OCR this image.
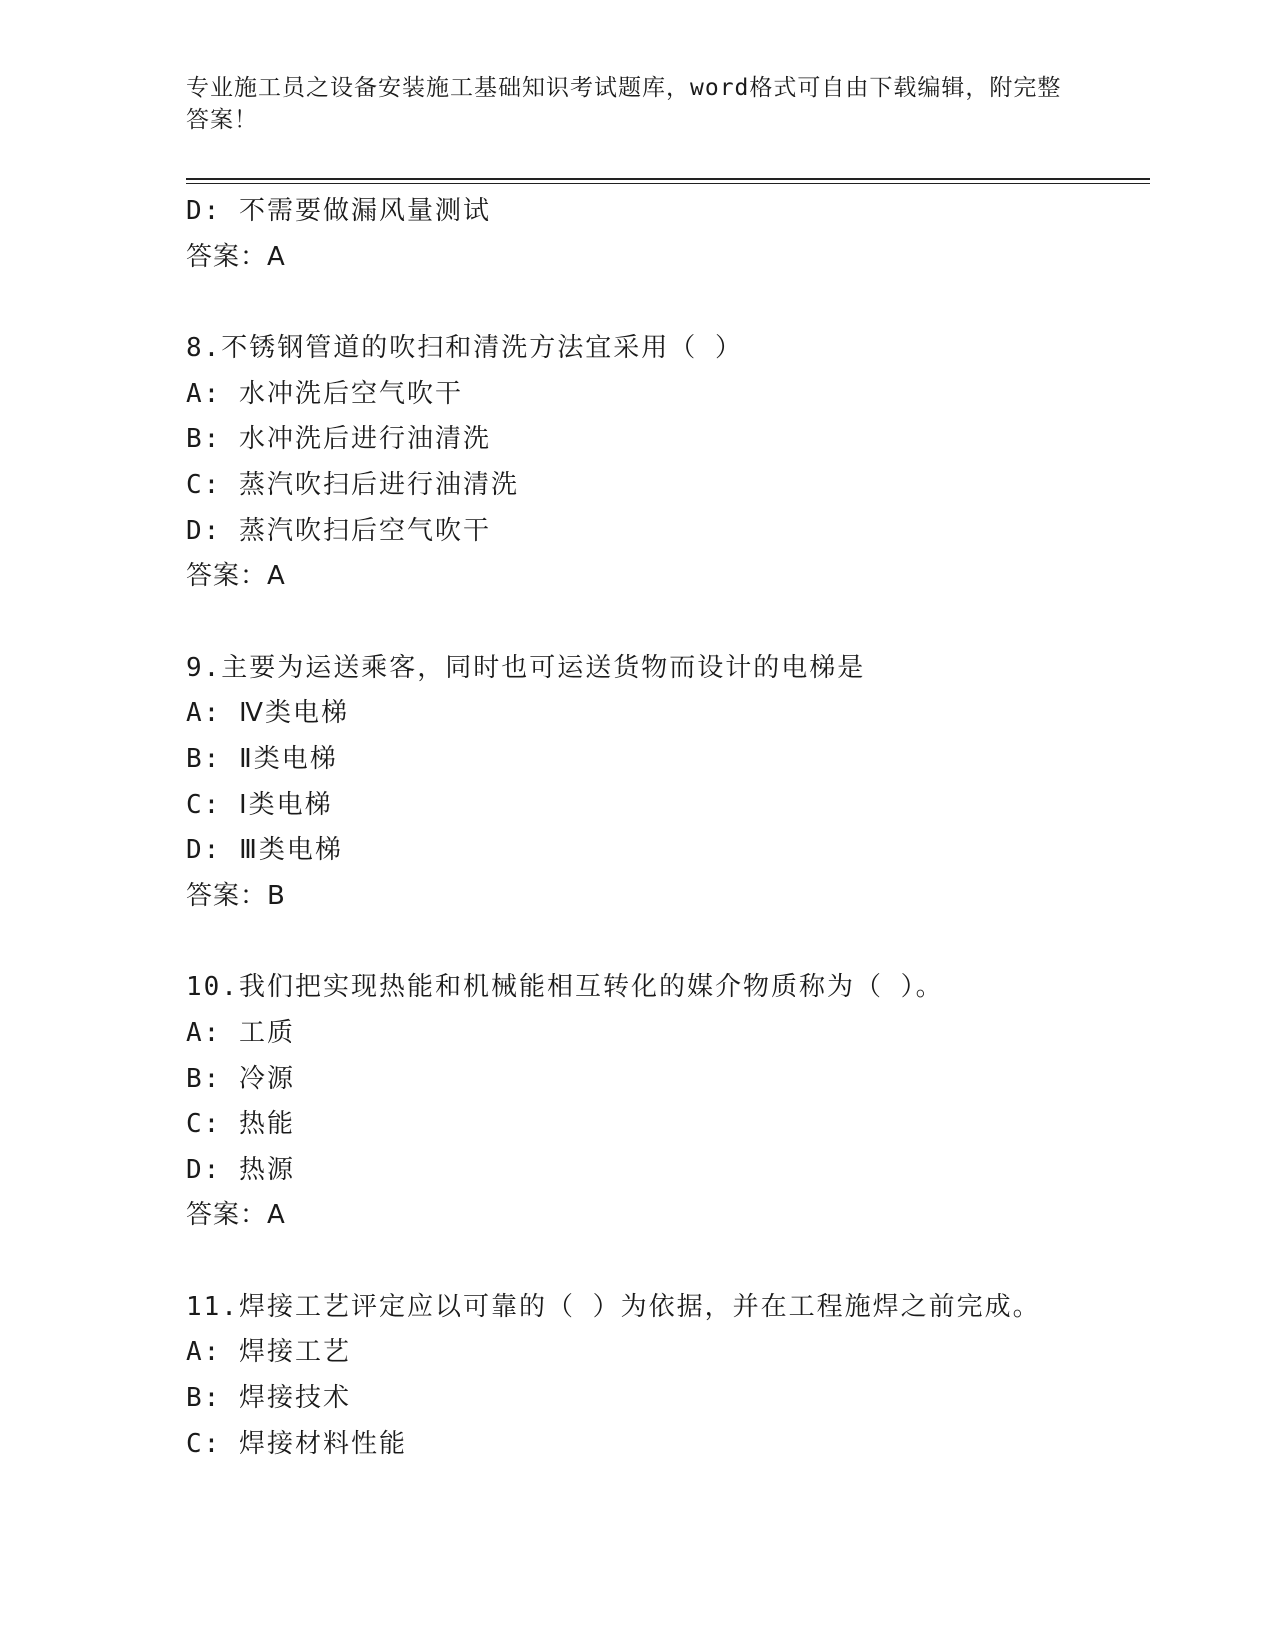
专业施工员之设备安装施工基础知识考试题库，word格式可自由下载编辑，附完整答案！

D: 不需要做漏风量测试
答案：A
8.不锈钢管道的吹扫和清洗方法宜采用（ ）
A: 水冲洗后空气吹干
B: 水冲洗后进行油清洗
C: 蒸汽吹扫后进行油清洗
D: 蒸汽吹扫后空气吹干
答案：A
9.主要为运送乘客，同时也可运送货物而设计的电梯是
A: Ⅳ类电梯
B: Ⅱ类电梯
C: Ⅰ类电梯
D: Ⅲ类电梯
答案：B
10.我们把实现热能和机械能相互转化的媒介物质称为（ ）。
A: 工质
B: 冷源
C: 热能
D: 热源
答案：A
11.焊接工艺评定应以可靠的（ ）为依据，并在工程施焊之前完成。
A: 焊接工艺
B: 焊接技术
C: 焊接材料性能
